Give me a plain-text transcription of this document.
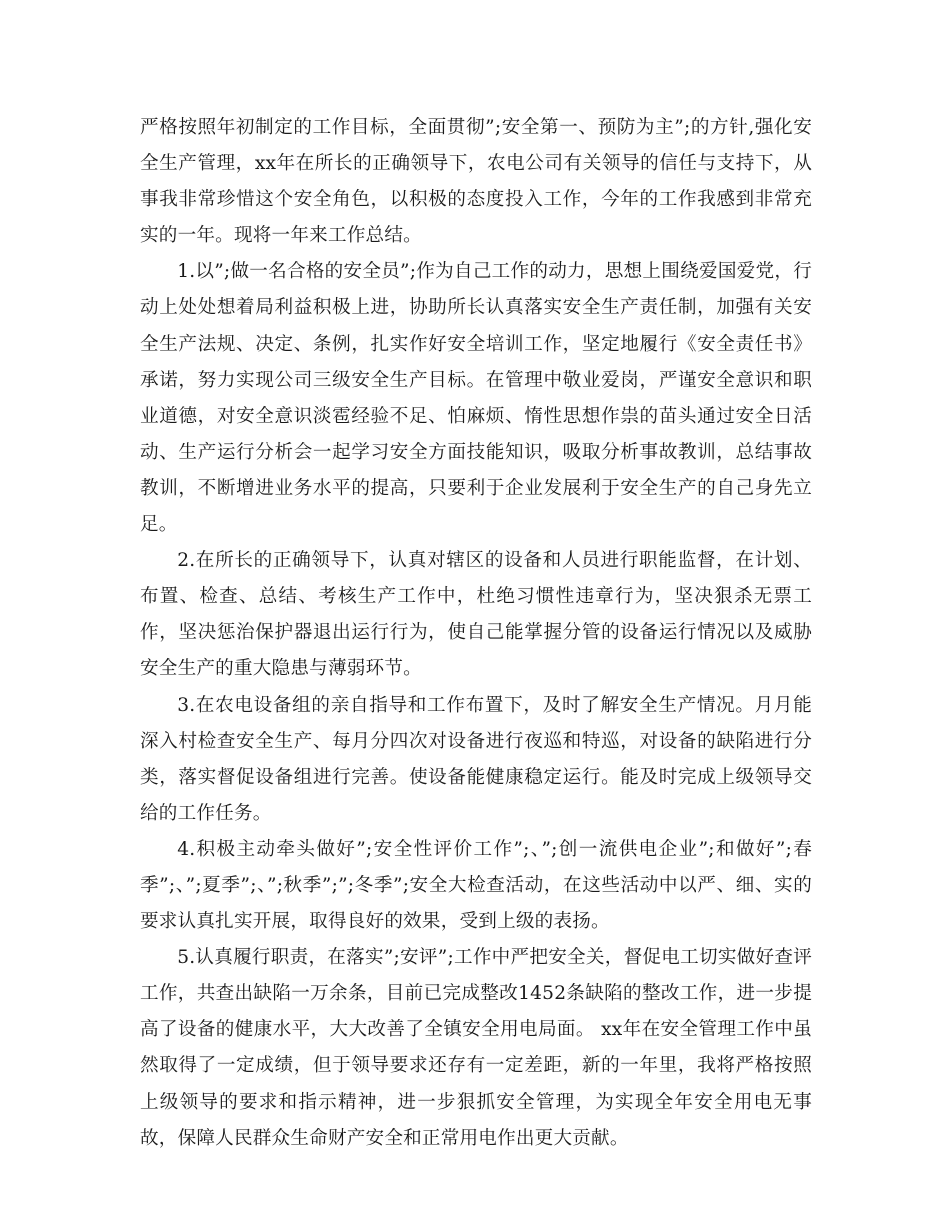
严格按照年初制定的工作目标，全面贯彻”;安全第一、预防为主”;的方针,强化安全生产管理，xx年在所长的正确领导下，农电公司有关领导的信任与支持下，从事我非常珍惜这个安全角色，以积极的态度投入工作，今年的工作我感到非常充实的一年。现将一年来工作总结。

1.以”;做一名合格的安全员”;作为自己工作的动力，思想上围绕爱国爱党，行动上处处想着局利益积极上进，协助所长认真落实安全生产责任制，加强有关安全生产法规、决定、条例，扎实作好安全培训工作，坚定地履行《安全责任书》承诺，努力实现公司三级安全生产目标。在管理中敬业爱岗，严谨安全意识和职业道德，对安全意识淡雹经验不足、怕麻烦、惰性思想作祟的苗头通过安全日活动、生产运行分析会一起学习安全方面技能知识，吸取分析事故教训，总结事故教训，不断增进业务水平的提高，只要利于企业发展利于安全生产的自己身先立足。

2.在所长的正确领导下，认真对辖区的设备和人员进行职能监督，在计划、布置、检查、总结、考核生产工作中，杜绝习惯性违章行为，坚决狠杀无票工作，坚决惩治保护器退出运行行为，使自己能掌握分管的设备运行情况以及威胁安全生产的重大隐患与薄弱环节。

3.在农电设备组的亲自指导和工作布置下，及时了解安全生产情况。月月能深入村检查安全生产、每月分四次对设备进行夜巡和特巡，对设备的缺陷进行分类，落实督促设备组进行完善。使设备能健康稳定运行。能及时完成上级领导交给的工作任务。

4.积极主动牵头做好”;安全性评价工作”;、”;创一流供电企业”;和做好”;春季”;、”;夏季”;、”;秋季”;”;冬季”;安全大检查活动，在这些活动中以严、细、实的要求认真扎实开展，取得良好的效果，受到上级的表扬。

5.认真履行职责，在落实”;安评”;工作中严把安全关，督促电工切实做好查评工作，共查出缺陷一万余条，目前已完成整改1452条缺陷的整改工作，进一步提高了设备的健康水平，大大改善了全镇安全用电局面。 xx年在安全管理工作中虽然取得了一定成绩，但于领导要求还存有一定差距，新的一年里，我将严格按照上级领导的要求和指示精神，进一步狠抓安全管理，为实现全年安全用电无事故，保障人民群众生命财产安全和正常用电作出更大贡献。
